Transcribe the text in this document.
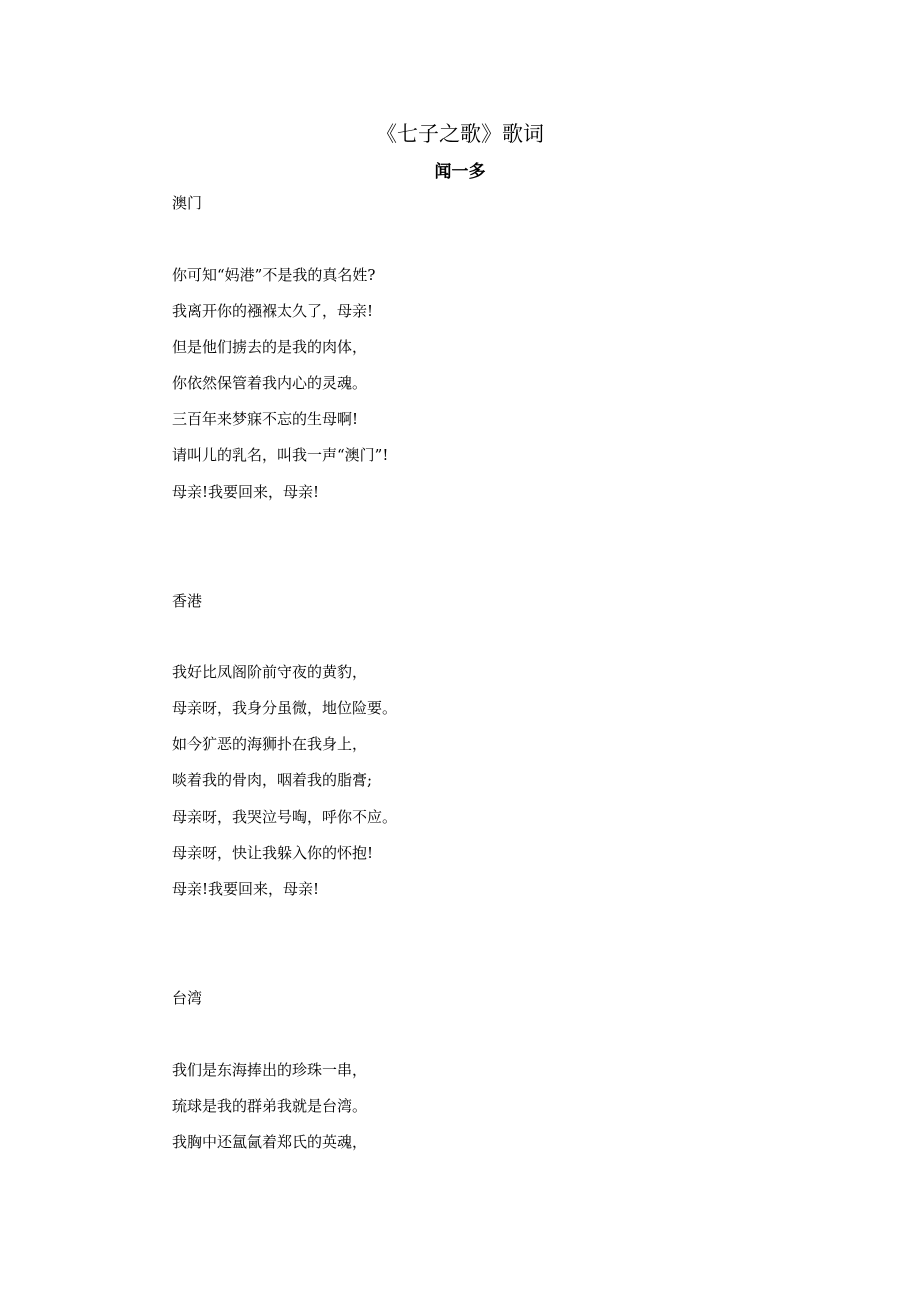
《七子之歌》歌词
闻一多
澳门
你可知“妈港”不是我的真名姓?
我离开你的襁褓太久了，母亲!
但是他们掳去的是我的肉体，
你依然保管着我内心的灵魂。
三百年来梦寐不忘的生母啊!
请叫儿的乳名，叫我一声“澳门”!
母亲!我要回来，母亲!
香港
我好比凤阁阶前守夜的黄豹，
母亲呀，我身分虽微，地位险要。
如今犷恶的海狮扑在我身上，
啖着我的骨肉，咽着我的脂膏;
母亲呀，我哭泣号啕，呼你不应。
母亲呀，快让我躲入你的怀抱!
母亲!我要回来，母亲!
台湾
我们是东海捧出的珍珠一串，
琉球是我的群弟我就是台湾。
我胸中还氲氤着郑氏的英魂，
